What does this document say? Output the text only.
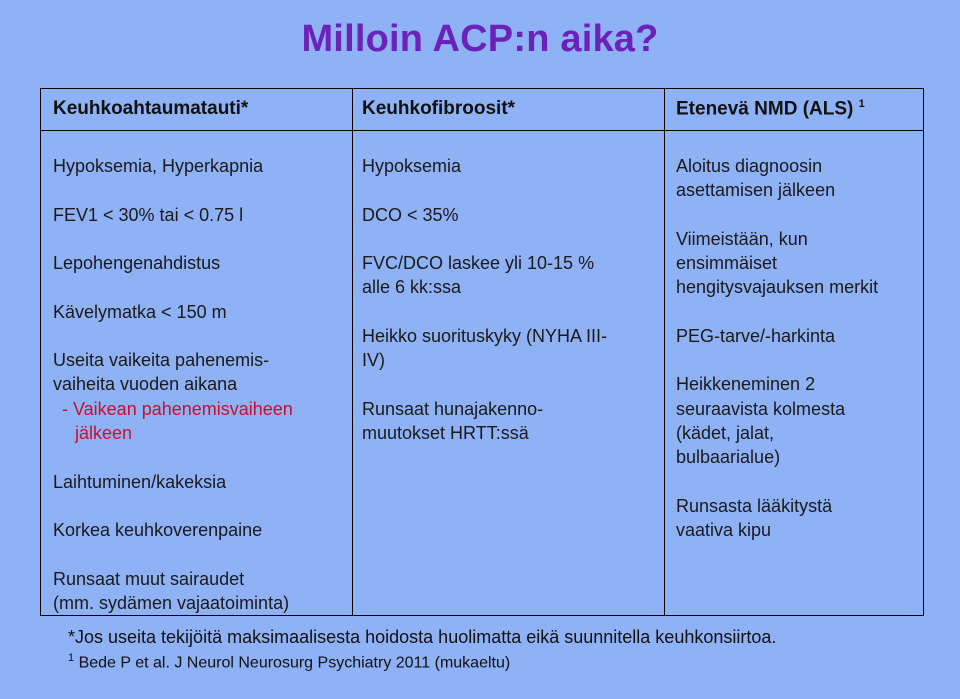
Milloin ACP:n aika?
Keuhkoahtaumatauti*	Keuhkofibroosit*	Etenevä NMD (ALS) $^1$
Hypoksemia, Hyperkapnia
FEV1 < 30% tai < 0.75 l
Lepohengenahdistus
Kävelymatka < 150 m
Useita vaikeita pahenemis-
vaiheita vuoden aikana
- Vaikean pahenemisvaiheen
jälkeen
Laihtuminen/kakeksia
Korkea keuhkoverenpaine
Runsaat muut sairaudet
(mm. sydämen vajaatoiminta)
Hypoksemia
DCO < 35%
FVC/DCO laskee yli 10-15 %
alle 6 kk:ssa
Heikko suorituskyky (NYHA III-
IV)
Runsaat hunajakenno-
muutokset HRTT:ssä
Aloitus diagnoosin
asettamisen jälkeen
Viimeistään, kun
ensimmäiset
hengitysvajauksen merkit
PEG-tarve/-harkinta
Heikkeneminen 2
seuraavista kolmesta
(kädet, jalat,
bulbaarialue)
Runsasta lääkitystä
vaativa kipu
*Jos useita tekijöitä maksimaalisesta hoidosta huolimatta eikä suunnitella keuhkonsiirtoa.
$^1$ Bede P et al. J Neurol Neurosurg Psychiatry 2011 (mukaeltu)
